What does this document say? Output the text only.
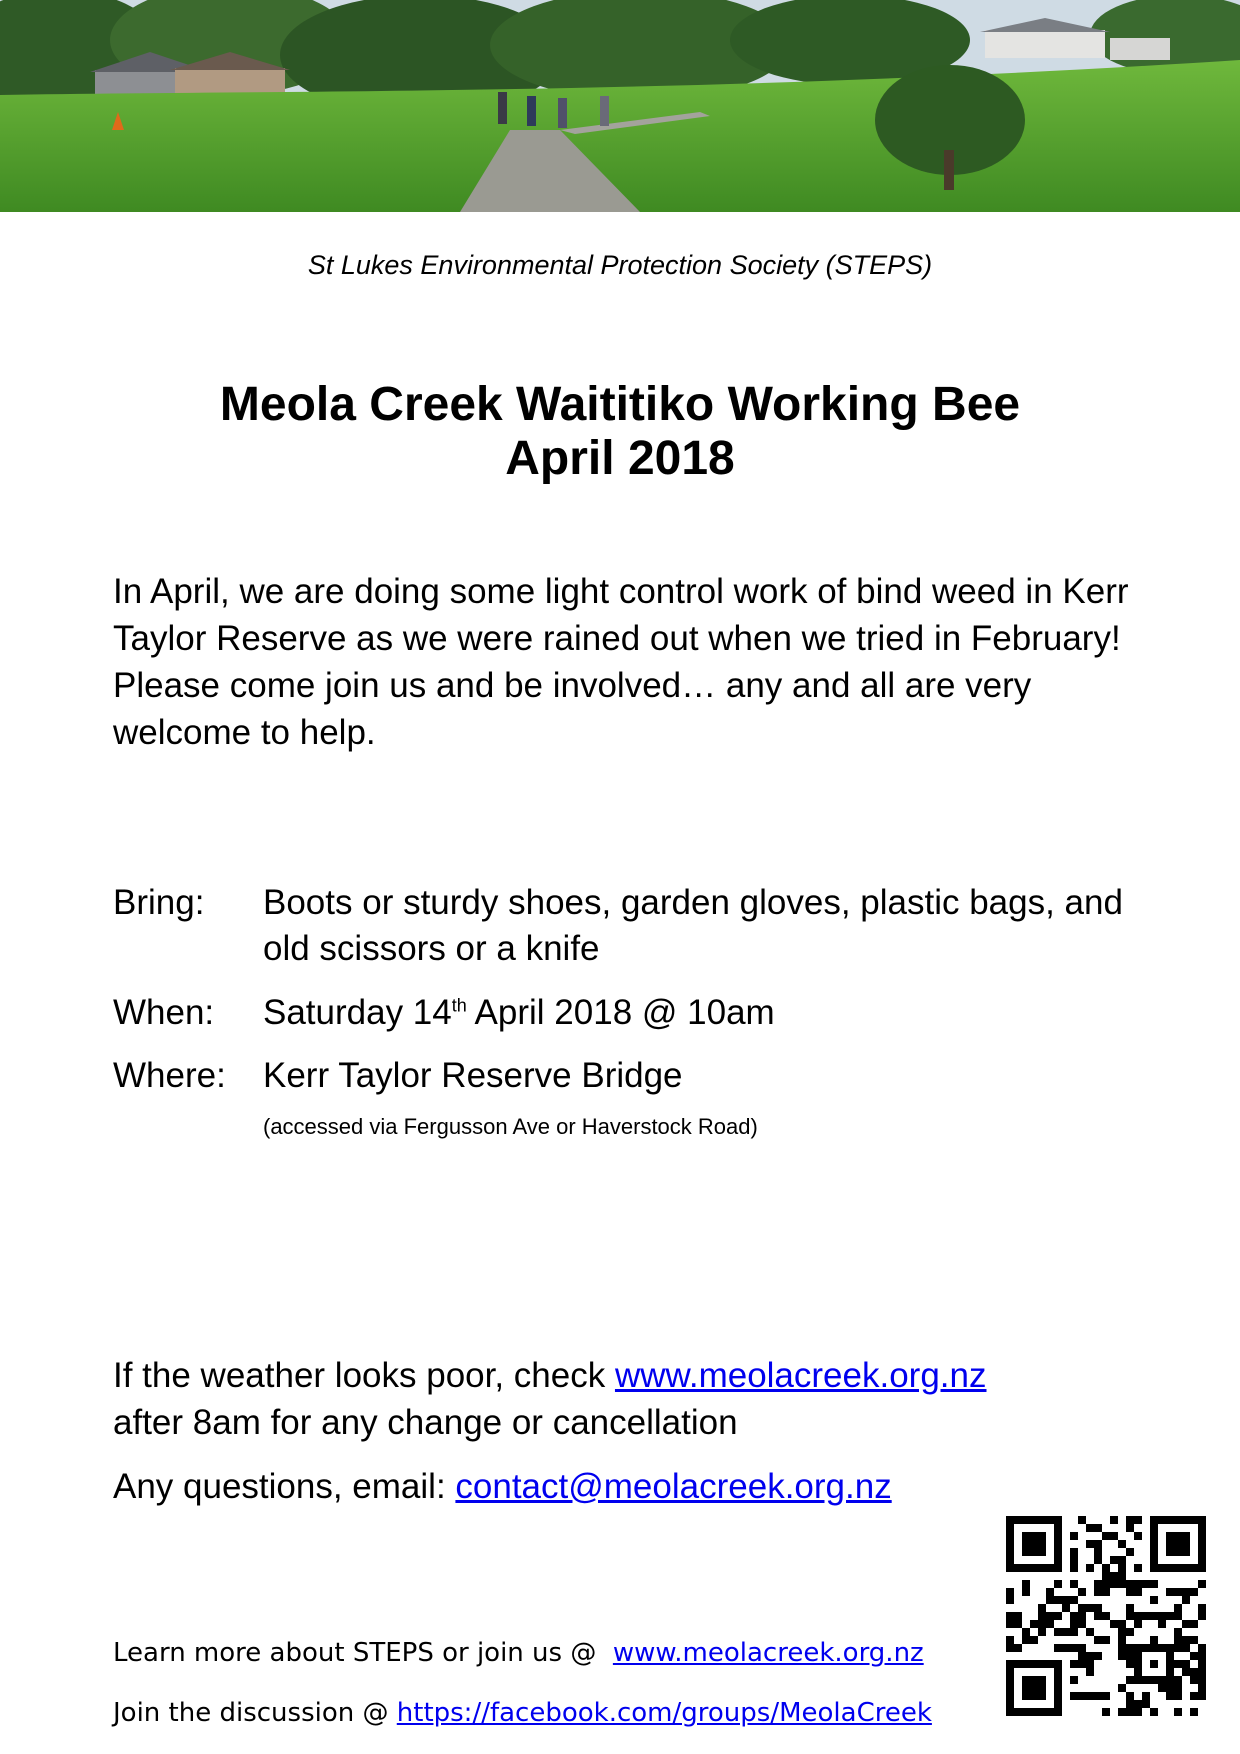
St Lukes Environmental Protection Society (STEPS)
Meola Creek Waititiko Working Bee
April 2018
In April, we are doing some light control work of bind weed in Kerr Taylor Reserve as we were rained out when we tried in February! Please come join us and be involved… any and all are very welcome to help.
Bring:	Boots or sturdy shoes, garden gloves, plastic bags, and old scissors or a knife
When:	Saturday 14th April 2018 @ 10am
Where:	Kerr Taylor Reserve Bridge
(accessed via Fergusson Ave or Haverstock Road)
If the weather looks poor, check www.meolacreek.org.nz
after 8am for any change or cancellation
Any questions, email: contact@meolacreek.org.nz
Learn more about STEPS or join us @  www.meolacreek.org.nz
Join the discussion @ https://facebook.com/groups/MeolaCreek
